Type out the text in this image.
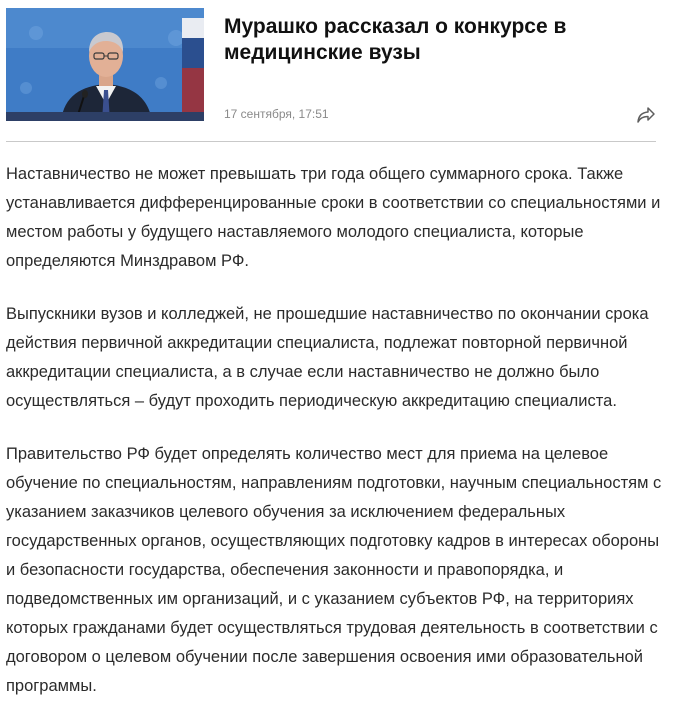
Мурашко рассказал о конкурсе в медицинские вузы
17 сентября, 17:51

Наставничество не может превышать три года общего суммарного срока. Также устанавливается дифференцированные сроки в соответствии со специальностями и местом работы у будущего наставляемого молодого специалиста, которые определяются Минздравом РФ.

Выпускники вузов и колледжей, не прошедшие наставничество по окончании срока действия первичной аккредитации специалиста, подлежат повторной первичной аккредитации специалиста, а в случае если наставничество не должно было осуществляться – будут проходить периодическую аккредитацию специалиста.

Правительство РФ будет определять количество мест для приема на целевое обучение по специальностям, направлениям подготовки, научным специальностям с указанием заказчиков целевого обучения за исключением федеральных государственных органов, осуществляющих подготовку кадров в интересах обороны и безопасности государства, обеспечения законности и правопорядка, и подведомственных им организаций, и с указанием субъектов РФ, на территориях которых гражданами будет осуществляться трудовая деятельность в соответствии с договором о целевом обучении после завершения освоения ими образовательной программы.
